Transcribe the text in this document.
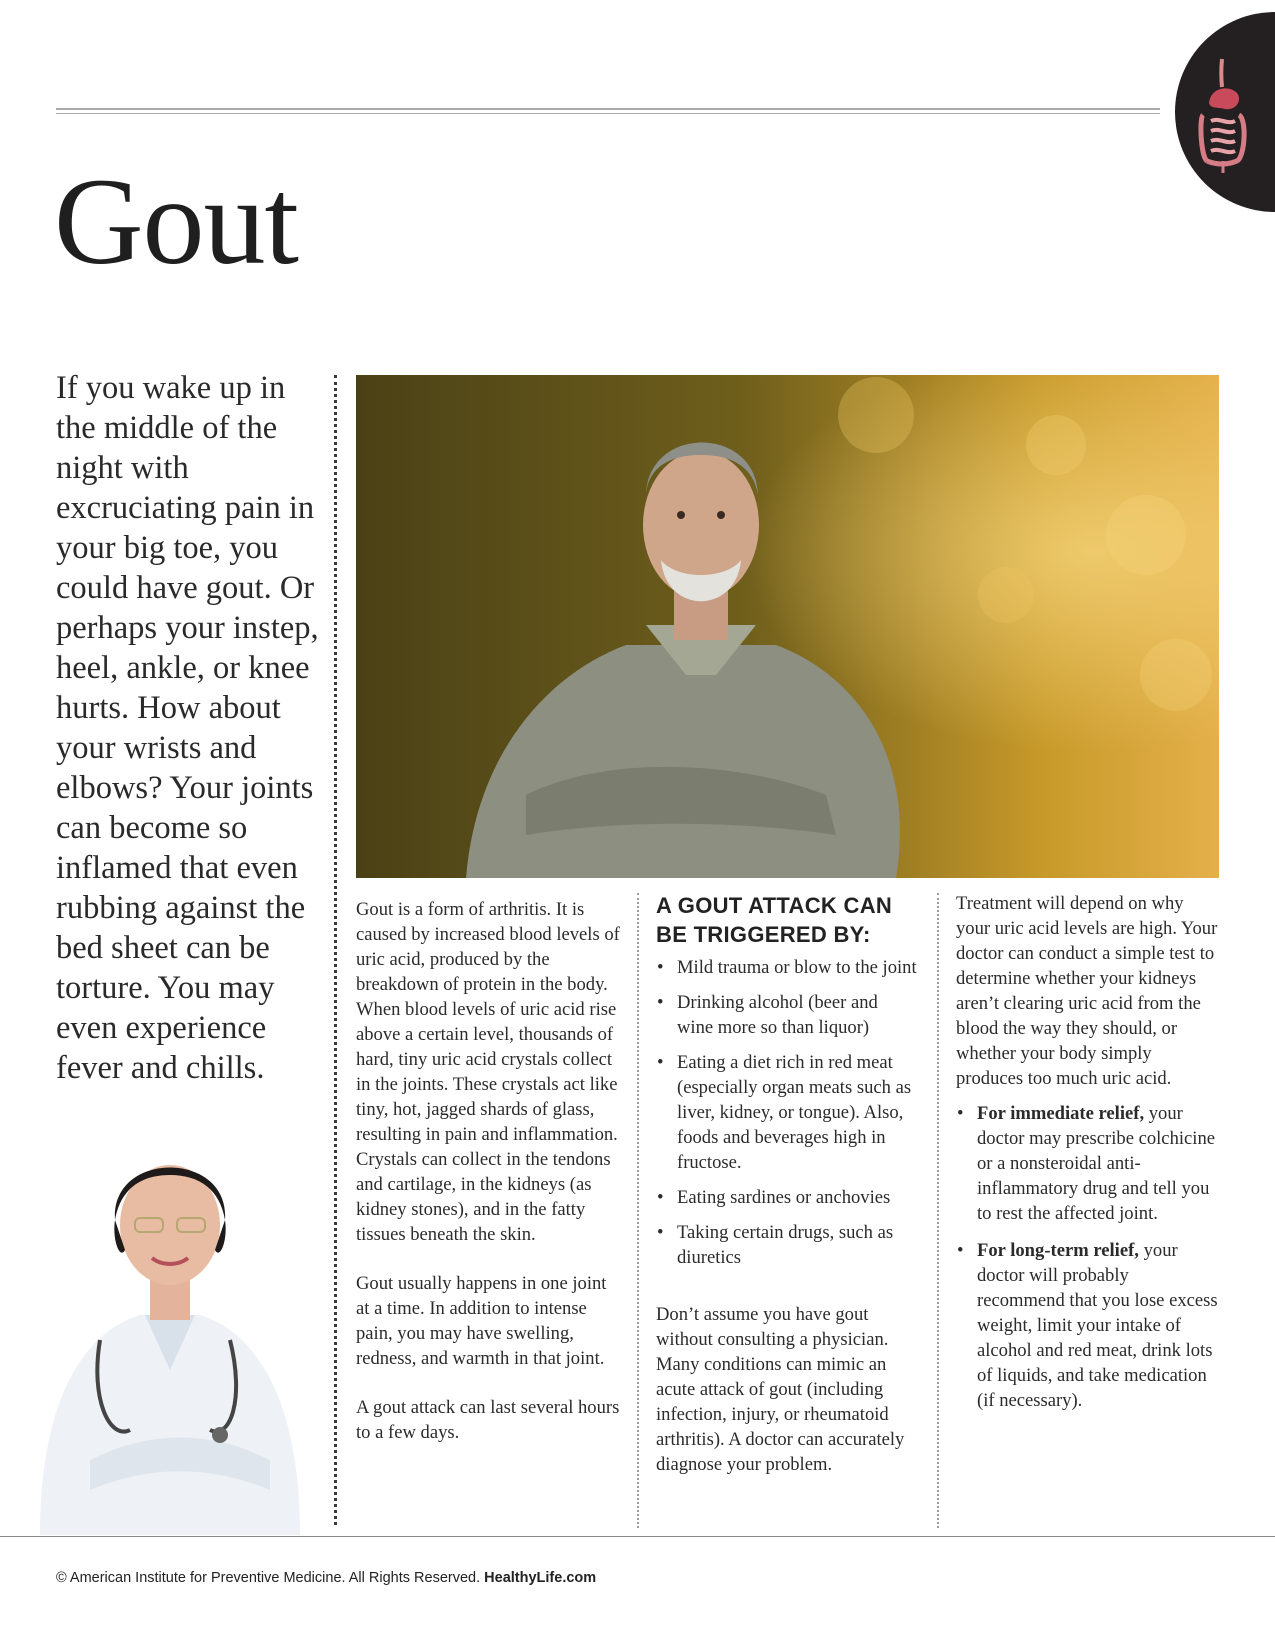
Gout

If you wake up in the middle of the night with excruciating pain in your big toe, you could have gout. Or perhaps your instep, heel, ankle, or knee hurts. How about your wrists and elbows? Your joints can become so inflamed that even rubbing against the bed sheet can be torture. You may even experience fever and chills.

Gout is a form of arthritis. It is caused by increased blood levels of uric acid, produced by the breakdown of protein in the body. When blood levels of uric acid rise above a certain level, thousands of hard, tiny uric acid crystals collect in the joints. These crystals act like tiny, hot, jagged shards of glass, resulting in pain and inflammation. Crystals can collect in the tendons and cartilage, in the kidneys (as kidney stones), and in the fatty tissues beneath the skin.

Gout usually happens in one joint at a time. In addition to intense pain, you may have swelling, redness, and warmth in that joint.

A gout attack can last several hours to a few days.

A GOUT ATTACK CAN BE TRIGGERED BY:
• Mild trauma or blow to the joint
• Drinking alcohol (beer and wine more so than liquor)
• Eating a diet rich in red meat (especially organ meats such as liver, kidney, or tongue). Also, foods and beverages high in fructose.
• Eating sardines or anchovies
• Taking certain drugs, such as diuretics

Don’t assume you have gout without consulting a physician. Many conditions can mimic an acute attack of gout (including infection, injury, or rheumatoid arthritis). A doctor can accurately diagnose your problem.

Treatment will depend on why your uric acid levels are high. Your doctor can conduct a simple test to determine whether your kidneys aren’t clearing uric acid from the blood the way they should, or whether your body simply produces too much uric acid.

• For immediate relief, your doctor may prescribe colchicine or a nonsteroidal anti-inflammatory drug and tell you to rest the affected joint.
• For long-term relief, your doctor will probably recommend that you lose excess weight, limit your intake of alcohol and red meat, drink lots of liquids, and take medication (if necessary).
© American Institute for Preventive Medicine. All Rights Reserved. HealthyLife.com
